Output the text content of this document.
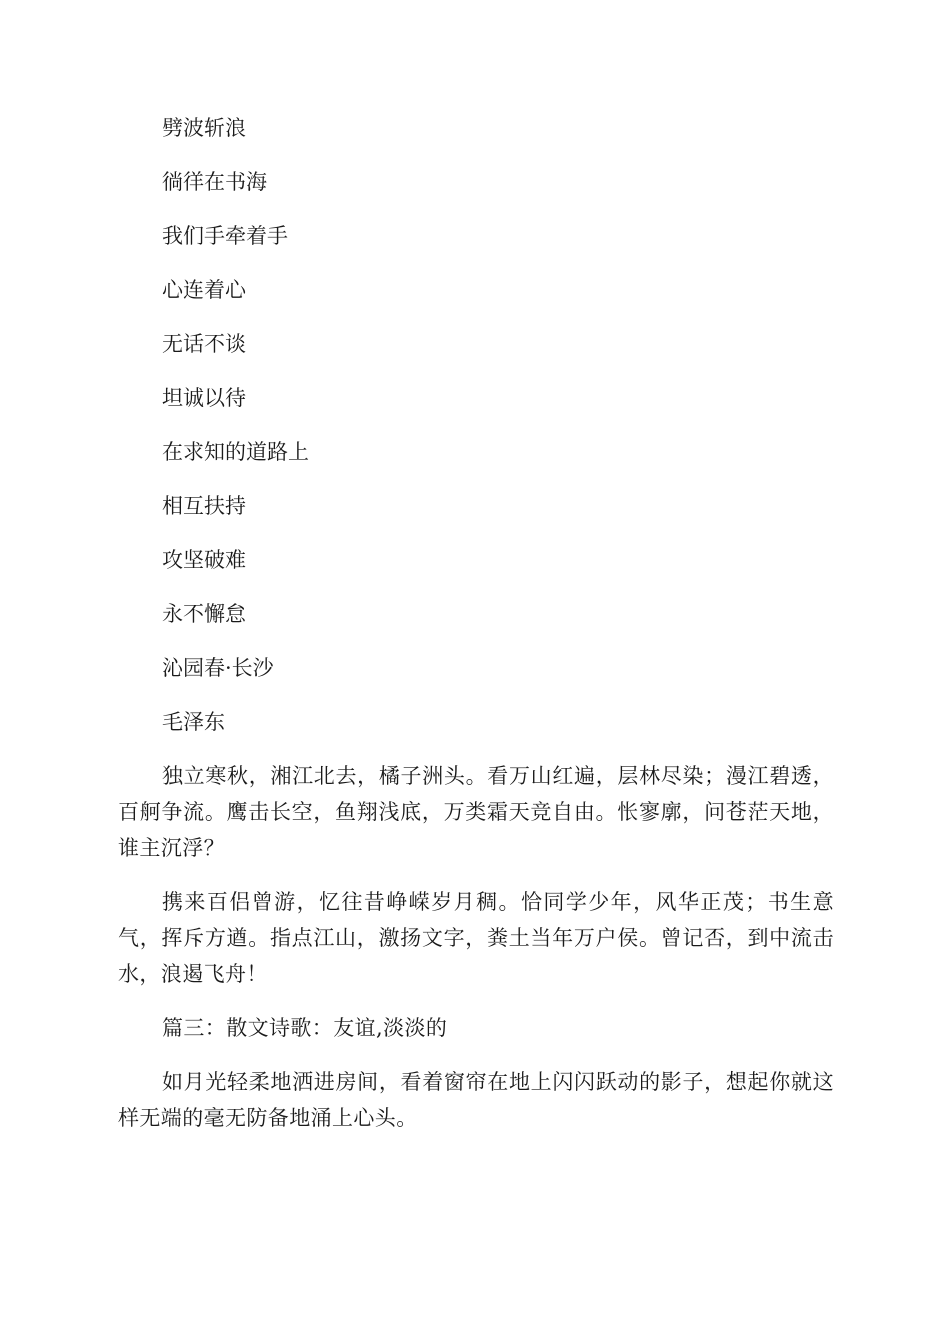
劈波斩浪
徜徉在书海
我们手牵着手
心连着心
无话不谈
坦诚以待
在求知的道路上
相互扶持
攻坚破难
永不懈怠
沁园春·长沙
毛泽东

独立寒秋，湘江北去，橘子洲头。看万山红遍，层林尽染；漫江碧透，百舸争流。鹰击长空，鱼翔浅底，万类霜天竞自由。怅寥廓，问苍茫天地，谁主沉浮？

携来百侣曾游，忆往昔峥嵘岁月稠。恰同学少年，风华正茂；书生意气，挥斥方遒。指点江山，激扬文字，粪土当年万户侯。曾记否，到中流击水，浪遏飞舟！

篇三：散文诗歌：友谊,淡淡的

如月光轻柔地洒进房间，看着窗帘在地上闪闪跃动的影子，想起你就这样无端的毫无防备地涌上心头。
